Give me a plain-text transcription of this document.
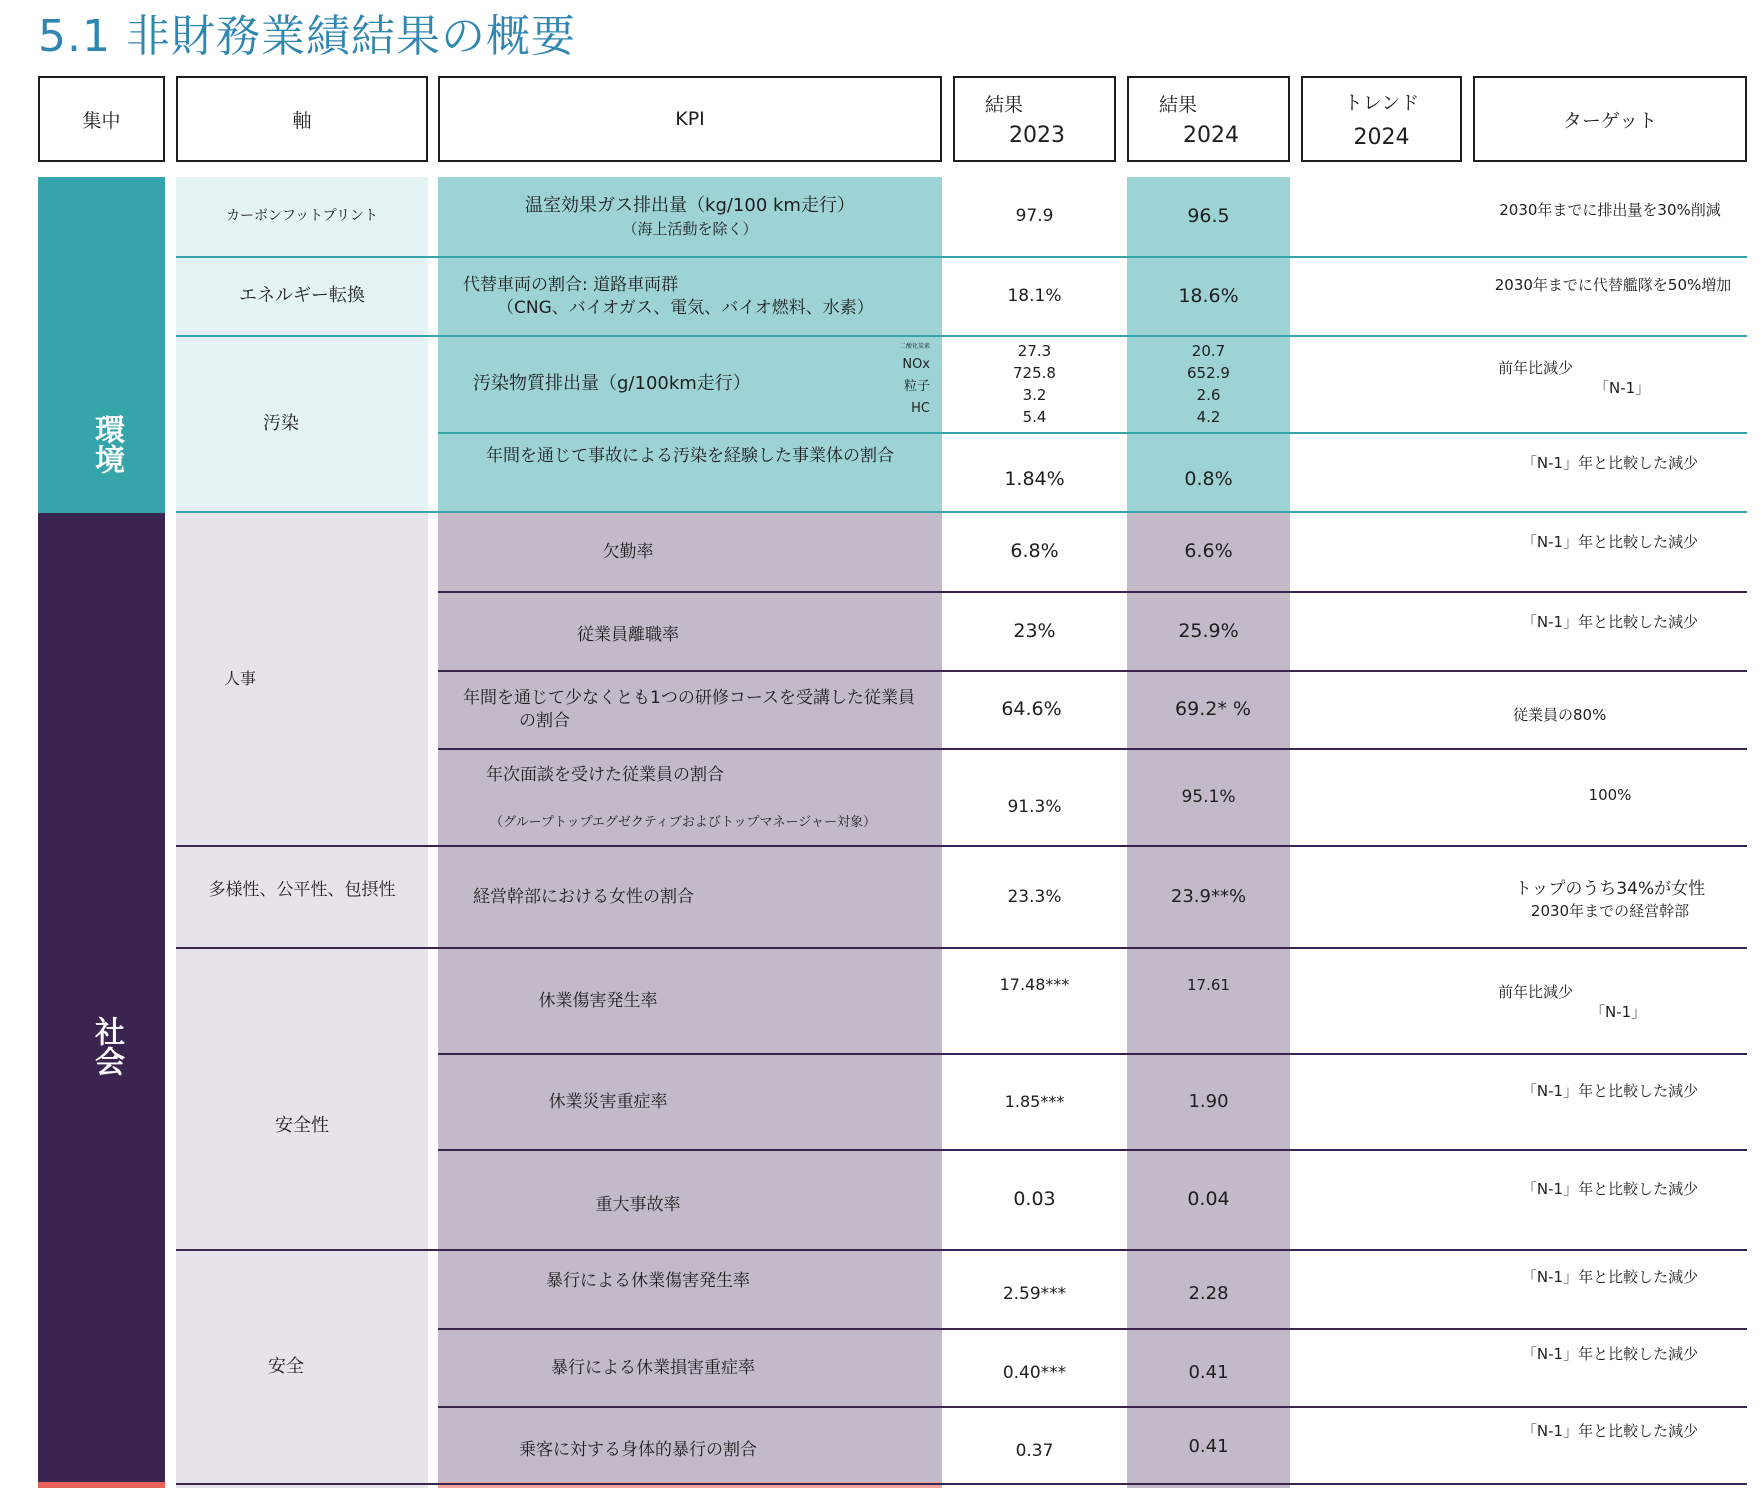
5.1 非財務業績結果の概要
集中	軸	KPI
結果
2023
結果
2024
トレンド
2024
ターゲット
環境
社会
カーボンフットプリント
エネルギー転換
汚染
人事
多様性、公平性、包摂性
安全性
安全
温室効果ガス排出量（kg/100 km走行）
（海上活動を除く）
代替車両の割合: 道路車両群
（CNG、バイオガス、電気、バイオ燃料、水素）
汚染物質排出量（g/100km走行）
二酸化炭素
NOx
粒子
HC
年間を通じて事故による汚染を経験した事業体の割合
欠勤率
従業員離職率
年間を通じて少なくとも1つの研修コースを受講した従業員
の割合
年次面談を受けた従業員の割合
（グループトップエグゼクティブおよびトップマネージャー対象）
経営幹部における女性の割合
休業傷害発生率
休業災害重症率
重大事故率
暴行による休業傷害発生率
暴行による休業損害重症率
乗客に対する身体的暴行の割合
97.9
18.1%
27.3
725.8
3.2
5.4
1.84%
6.8%
23%
64.6%
91.3%
23.3%
17.48***
1.85***
0.03
2.59***
0.40***
0.37
96.5
18.6%
20.7
652.9
2.6
4.2
0.8%
6.6%
25.9%
69.2* %
95.1%
23.9**%
17.61
1.90
0.04
2.28
0.41
0.41
2030年までに排出量を30%削減
2030年までに代替艦隊を50%増加
前年比減少
「N-1」
「N-1」年と比較した減少
「N-1」年と比較した減少
「N-1」年と比較した減少
従業員の80%
100%
トップのうち34%が女性
2030年までの経営幹部
前年比減少
「N-1」
「N-1」年と比較した減少
「N-1」年と比較した減少
「N-1」年と比較した減少
「N-1」年と比較した減少
「N-1」年と比較した減少
